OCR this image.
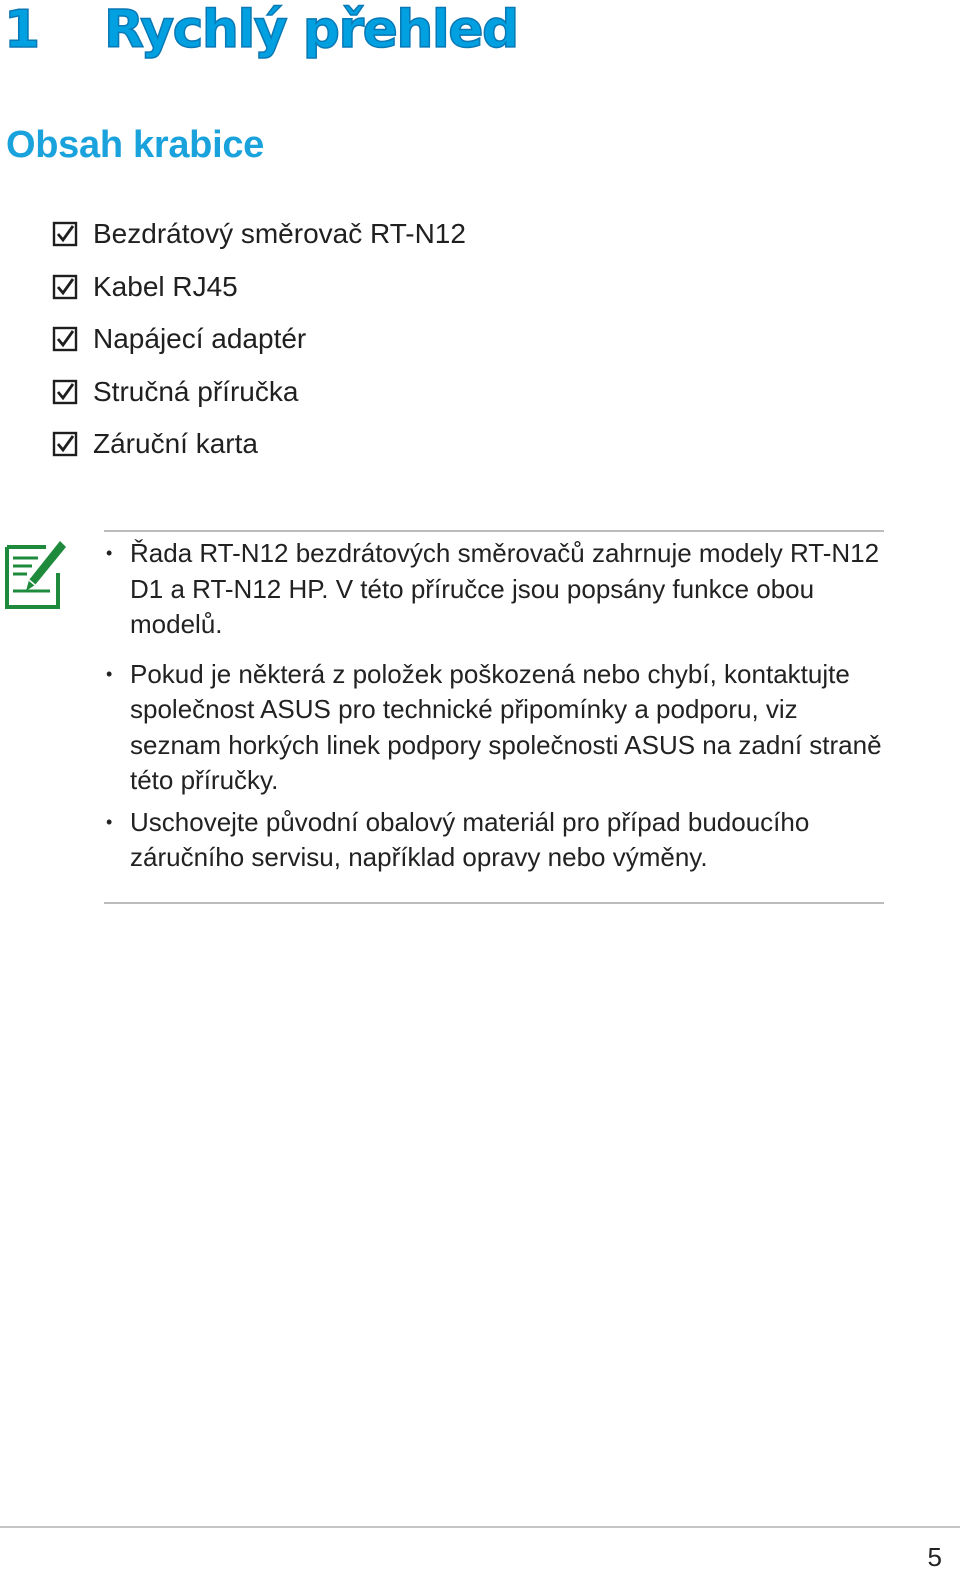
1 Rychlý přehled
Obsah krabice
Bezdrátový směrovač RT-N12
Kabel RJ45
Napájecí adaptér
Stručná příručka
Záruční karta
• Řada RT-N12 bezdrátových směrovačů zahrnuje modely RT-N12 D1 a RT-N12 HP. V této příručce jsou popsány funkce obou modelů.
• Pokud je některá z položek poškozená nebo chybí, kontaktujte společnost ASUS pro technické připomínky a podporu, viz seznam horkých linek podpory společnosti ASUS na zadní straně této příručky.
• Uschovejte původní obalový materiál pro případ budoucího záručního servisu, například opravy nebo výměny.
5
